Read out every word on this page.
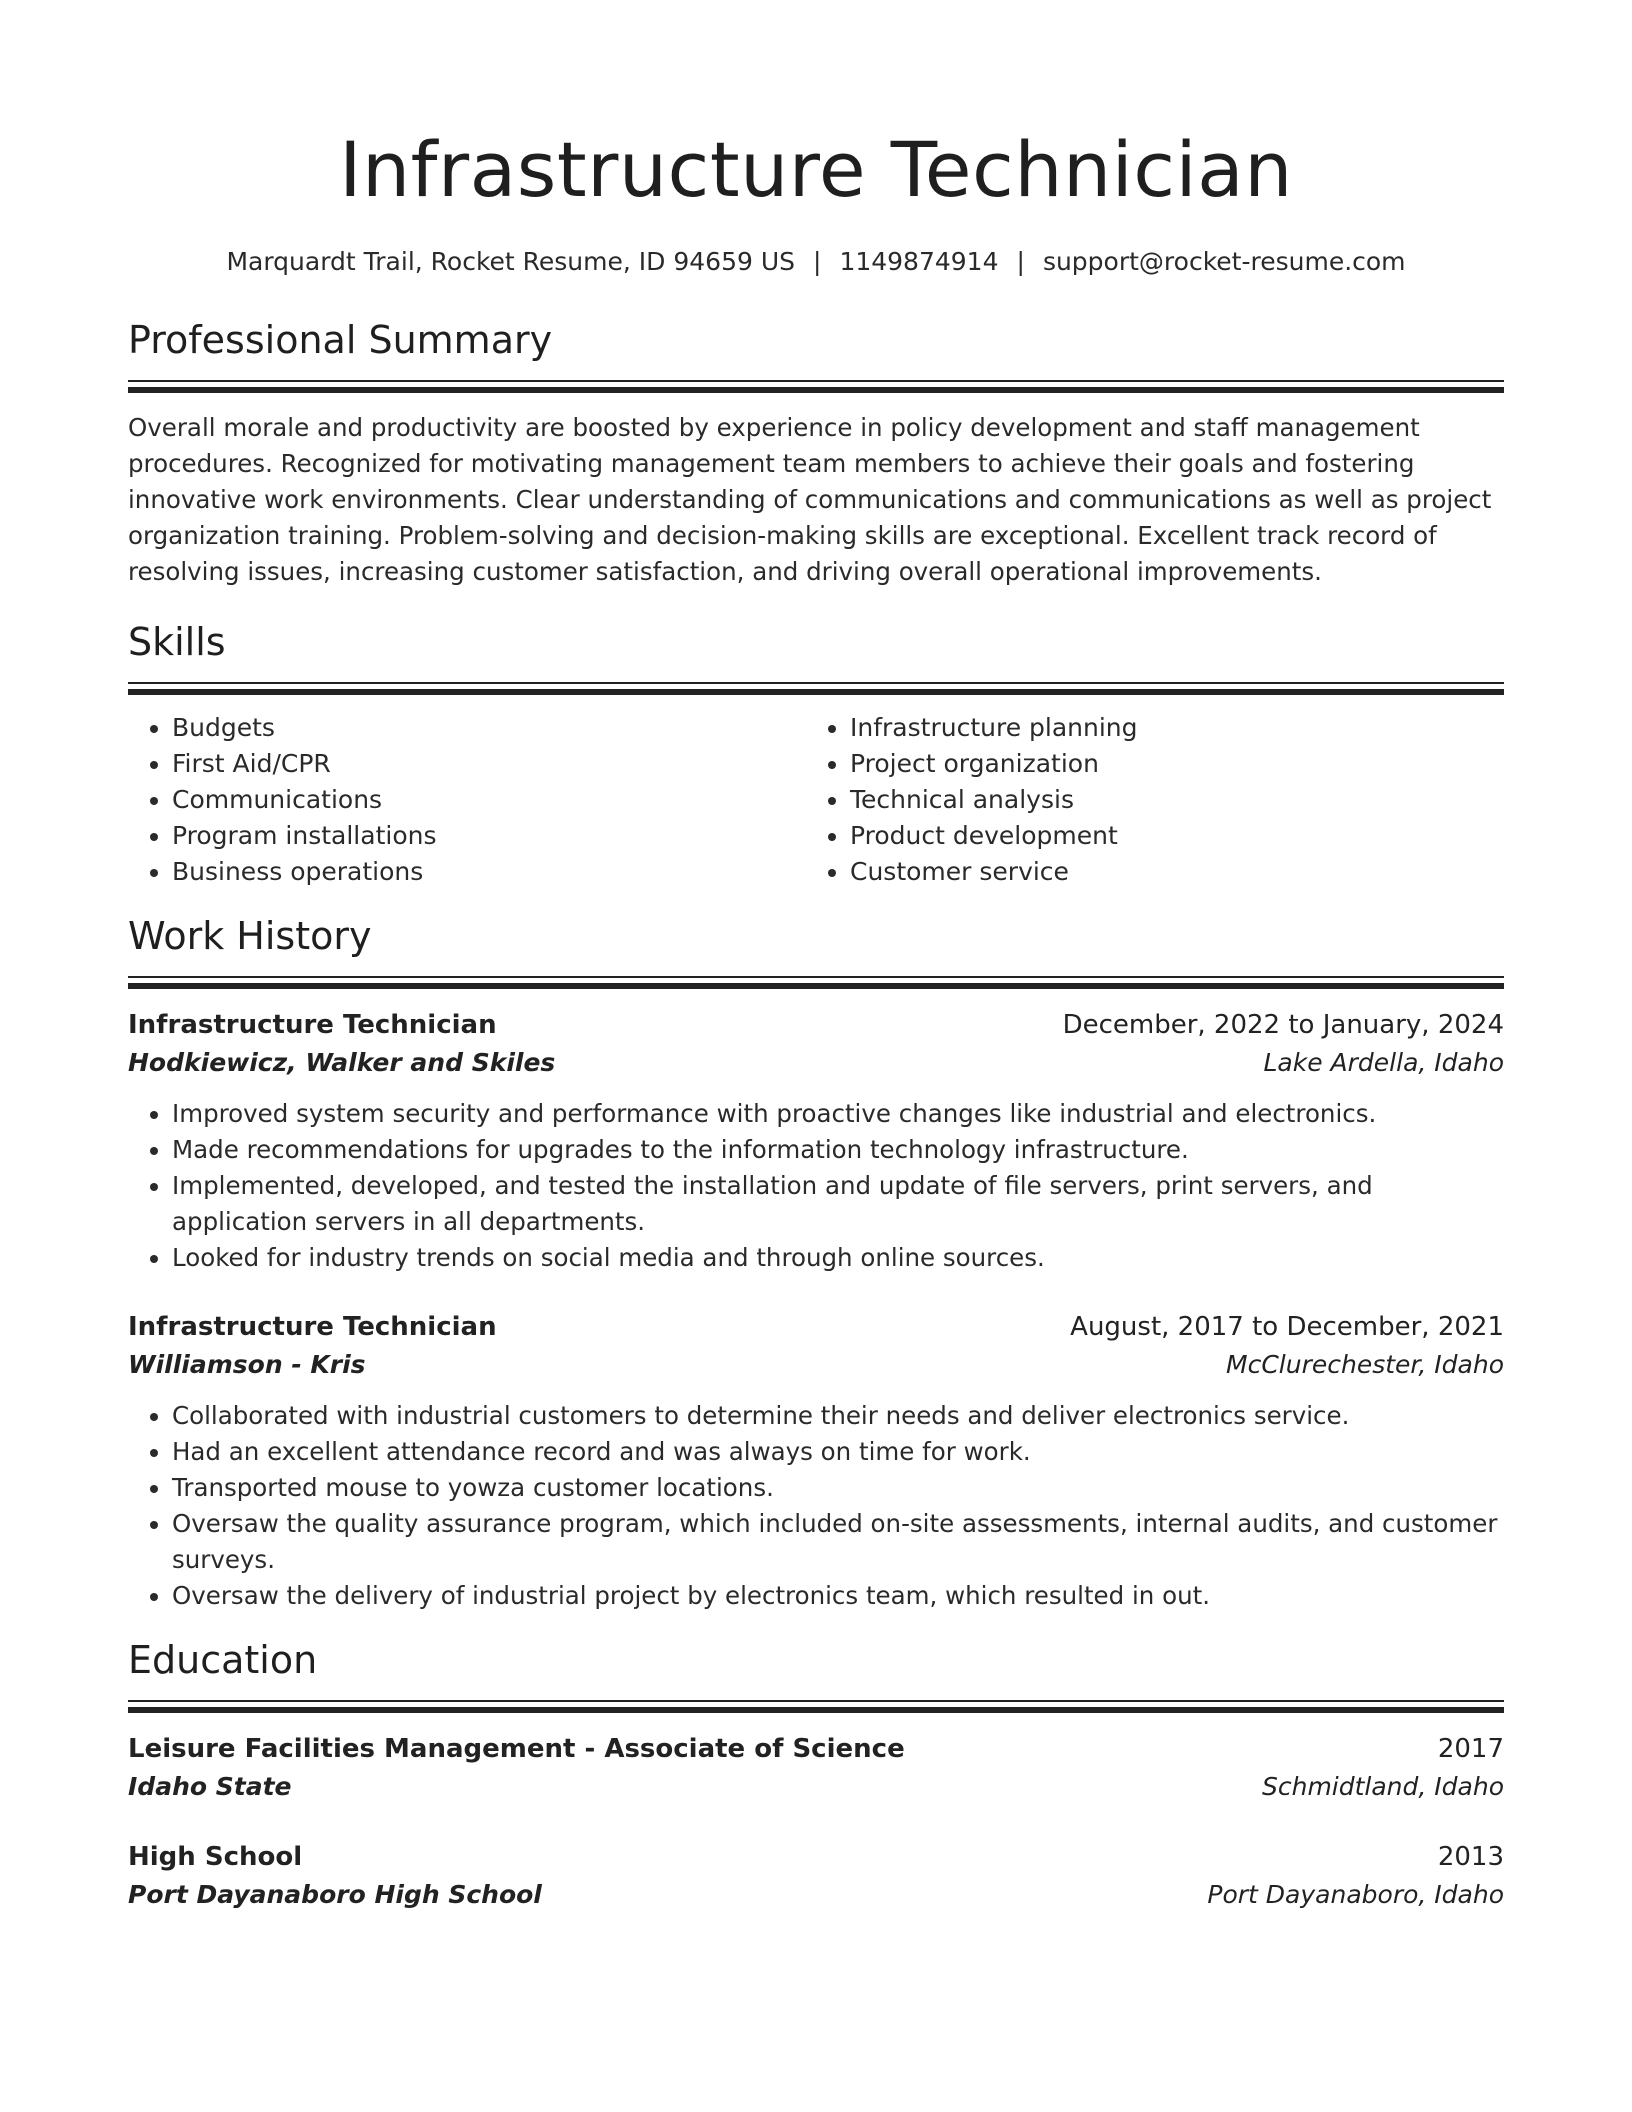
Infrastructure Technician
Marquardt Trail, Rocket Resume, ID 94659 US | 1149874914 | support@rocket-resume.com
Professional Summary
Overall morale and productivity are boosted by experience in policy development and staff management procedures. Recognized for motivating management team members to achieve their goals and fostering innovative work environments. Clear understanding of communications and communications as well as project organization training. Problem-solving and decision-making skills are exceptional. Excellent track record of resolving issues, increasing customer satisfaction, and driving overall operational improvements.
Skills
• Budgets
• First Aid/CPR
• Communications
• Program installations
• Business operations
• Infrastructure planning
• Project organization
• Technical analysis
• Product development
• Customer service
Work History
Infrastructure Technician	December, 2022 to January, 2024
Hodkiewicz, Walker and Skiles	Lake Ardella, Idaho
• Improved system security and performance with proactive changes like industrial and electronics.
• Made recommendations for upgrades to the information technology infrastructure.
• Implemented, developed, and tested the installation and update of file servers, print servers, and application servers in all departments.
• Looked for industry trends on social media and through online sources.
Infrastructure Technician	August, 2017 to December, 2021
Williamson - Kris	McClurechester, Idaho
• Collaborated with industrial customers to determine their needs and deliver electronics service.
• Had an excellent attendance record and was always on time for work.
• Transported mouse to yowza customer locations.
• Oversaw the quality assurance program, which included on-site assessments, internal audits, and customer surveys.
• Oversaw the delivery of industrial project by electronics team, which resulted in out.
Education
Leisure Facilities Management - Associate of Science	2017
Idaho State	Schmidtland, Idaho
High School	2013
Port Dayanaboro High School	Port Dayanaboro, Idaho
